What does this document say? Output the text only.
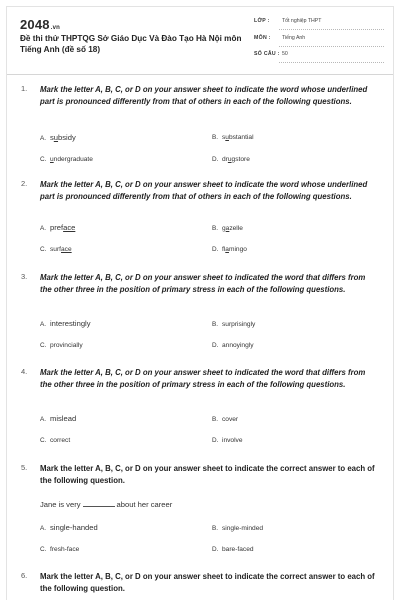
2048.vn
Đề thi thử THPTQG Sở Giáo Dục Và Đào Tạo Hà Nội môn Tiếng Anh (đề số 18)
LỚP : Tốt nghiệp THPT
MÔN : Tiếng Anh
SỐ CÂU : 50
1. Mark the letter A, B, C, or D on your answer sheet to indicate the word whose underlined part is pronounced differently from that of others in each of the following questions.
A. subsidy	B. substantial
C. undergraduate	D. drugstore
2. Mark the letter A, B, C, or D on your answer sheet to indicate the word whose underlined part is pronounced differently from that of others in each of the following questions.
A. preface	B. gazelle
C. surface	D. flamingo
3. Mark the letter A, B, C, or D on your answer sheet to indicated the word that differs from the other three in the position of primary stress in each of the following questions.
A. interestingly	B. surprisingly
C. provincially	D. annoyingly
4. Mark the letter A, B, C, or D on your answer sheet to indicated the word that differs from the other three in the position of primary stress in each of the following questions.
A. mislead	B. cover
C. correct	D. involve
5. Mark the letter A, B, C, or D on your answer sheet to indicate the correct answer to each of the following question.
Jane is very	about her career
A. single-handed	B. single-minded
C. fresh-face	D. bare-faced
6. Mark the letter A, B, C, or D on your answer sheet to indicate the correct answer to each of the following question.
